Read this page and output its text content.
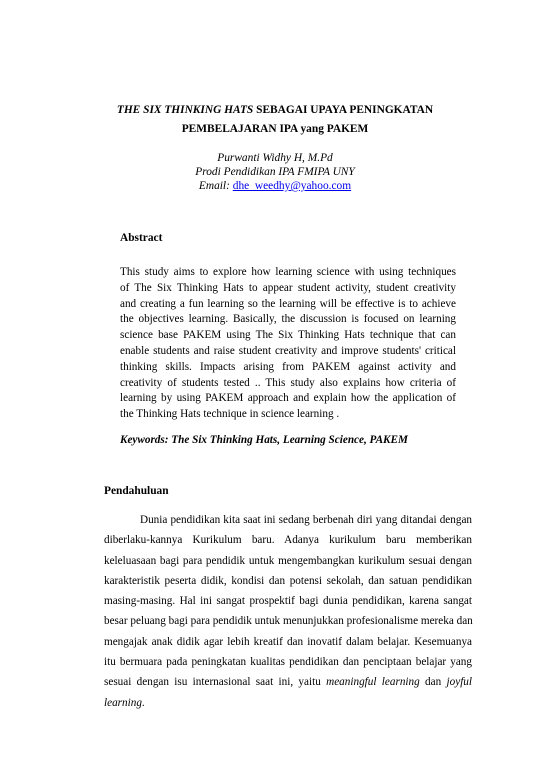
THE SIX THINKING HATS SEBAGAI UPAYA PENINGKATAN
PEMBELAJARAN IPA yang PAKEM
Purwanti Widhy H, M.Pd
Prodi Pendidikan IPA FMIPA UNY
Email: dhe_weedhy@yahoo.com
Abstract
This study aims to explore how learning science with using techniques
of The Six Thinking Hats to appear student activity, student creativity
and creating a fun learning so the learning will be effective is to achieve
the objectives learning. Basically, the discussion is focused on learning
science base PAKEM using The Six Thinking Hats technique that can
enable students and raise student creativity and improve students' critical
thinking skills. Impacts arising from PAKEM against activity and
creativity of students tested .. This study also explains how criteria of
learning by using PAKEM approach and explain how the application of
the Thinking Hats technique in science learning .
Keywords: The Six Thinking Hats, Learning Science, PAKEM
Pendahuluan
Dunia pendidikan kita saat ini sedang berbenah diri yang ditandai dengan
diberlaku-kannya Kurikulum baru. Adanya kurikulum baru memberikan
keleluasaan bagi para pendidik untuk mengembangkan kurikulum sesuai dengan
karakteristik peserta didik, kondisi dan potensi sekolah, dan satuan pendidikan
masing-masing. Hal ini sangat prospektif bagi dunia pendidikan, karena sangat
besar peluang bagi para pendidik untuk menunjukkan profesionalisme mereka dan
mengajak anak didik agar lebih kreatif dan inovatif dalam belajar. Kesemuanya
itu bermuara pada peningkatan kualitas pendidikan dan penciptaan belajar yang
sesuai dengan isu internasional saat ini, yaitu meaningful learning dan joyful
learning.
